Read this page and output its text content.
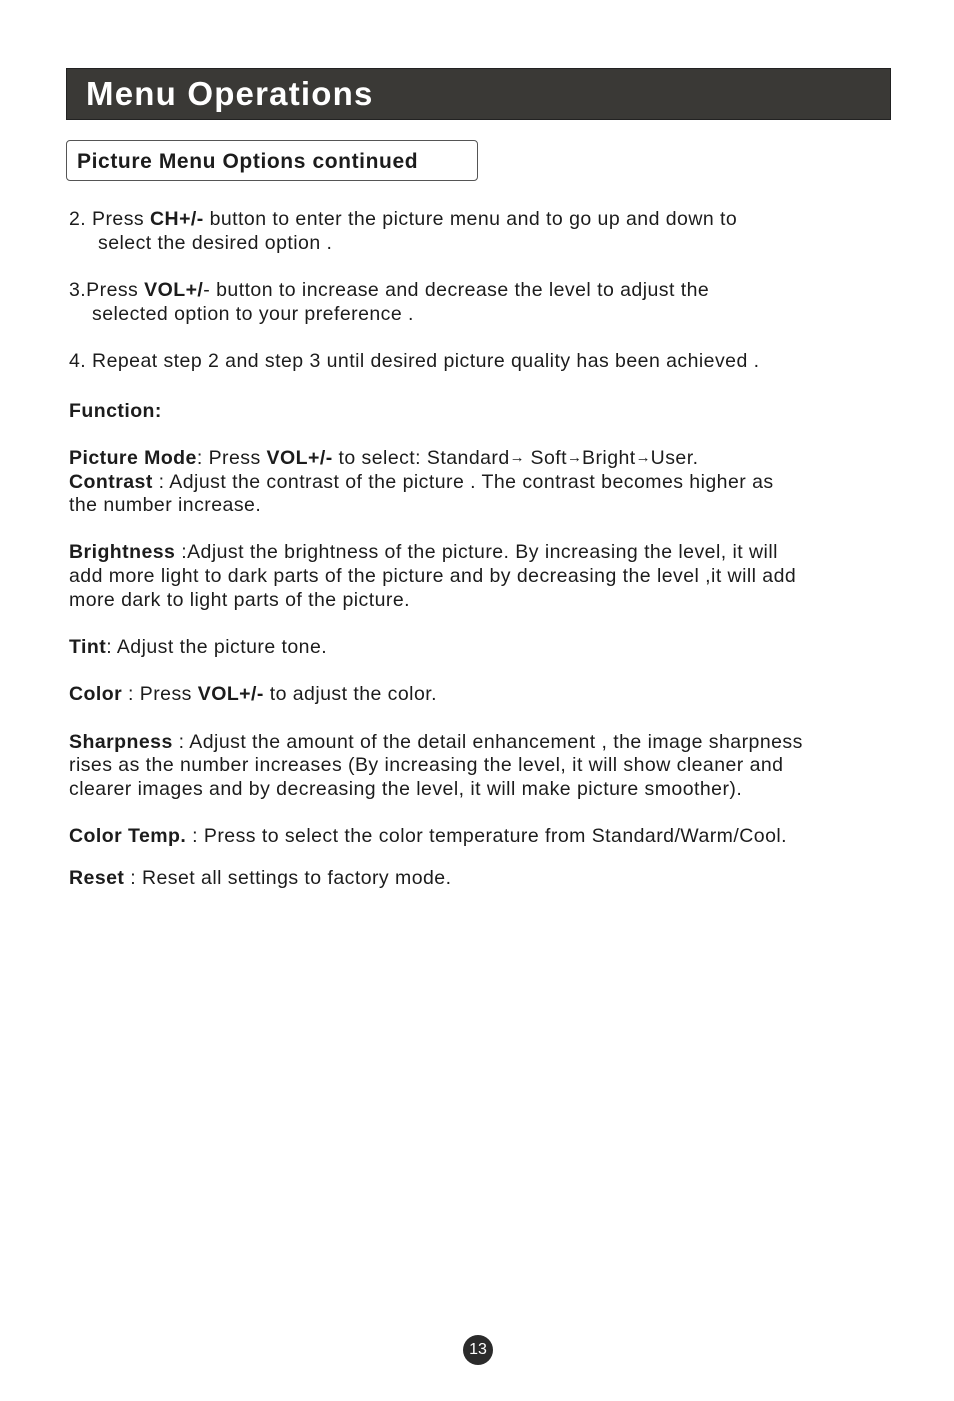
Menu Operations
Picture Menu Options continued
2. Press CH+/- button to enter the picture menu and to go up and down to
select the desired option .
3.Press VOL+/- button to increase and decrease the level to adjust the
selected option to your preference .
4. Repeat step 2 and step 3 until desired picture quality has been achieved .
Function:
Picture Mode: Press VOL+/- to select: Standard→ Soft→Bright→User.
Contrast : Adjust the contrast of the picture . The contrast becomes higher as
the number increase.
Brightness :Adjust the brightness of the picture. By increasing the level, it will
add more light to dark parts of the picture and by decreasing the level ,it will add
more dark to light parts of the picture.
Tint: Adjust the picture tone.
Color : Press VOL+/- to adjust the color.
Sharpness : Adjust the amount of the detail enhancement , the image sharpness
rises as the number increases (By increasing the level, it will show cleaner and
clearer images and by decreasing the level, it will make picture smoother).
Color Temp. : Press to select the color temperature from Standard/Warm/Cool.
Reset : Reset all settings to factory mode.
13
